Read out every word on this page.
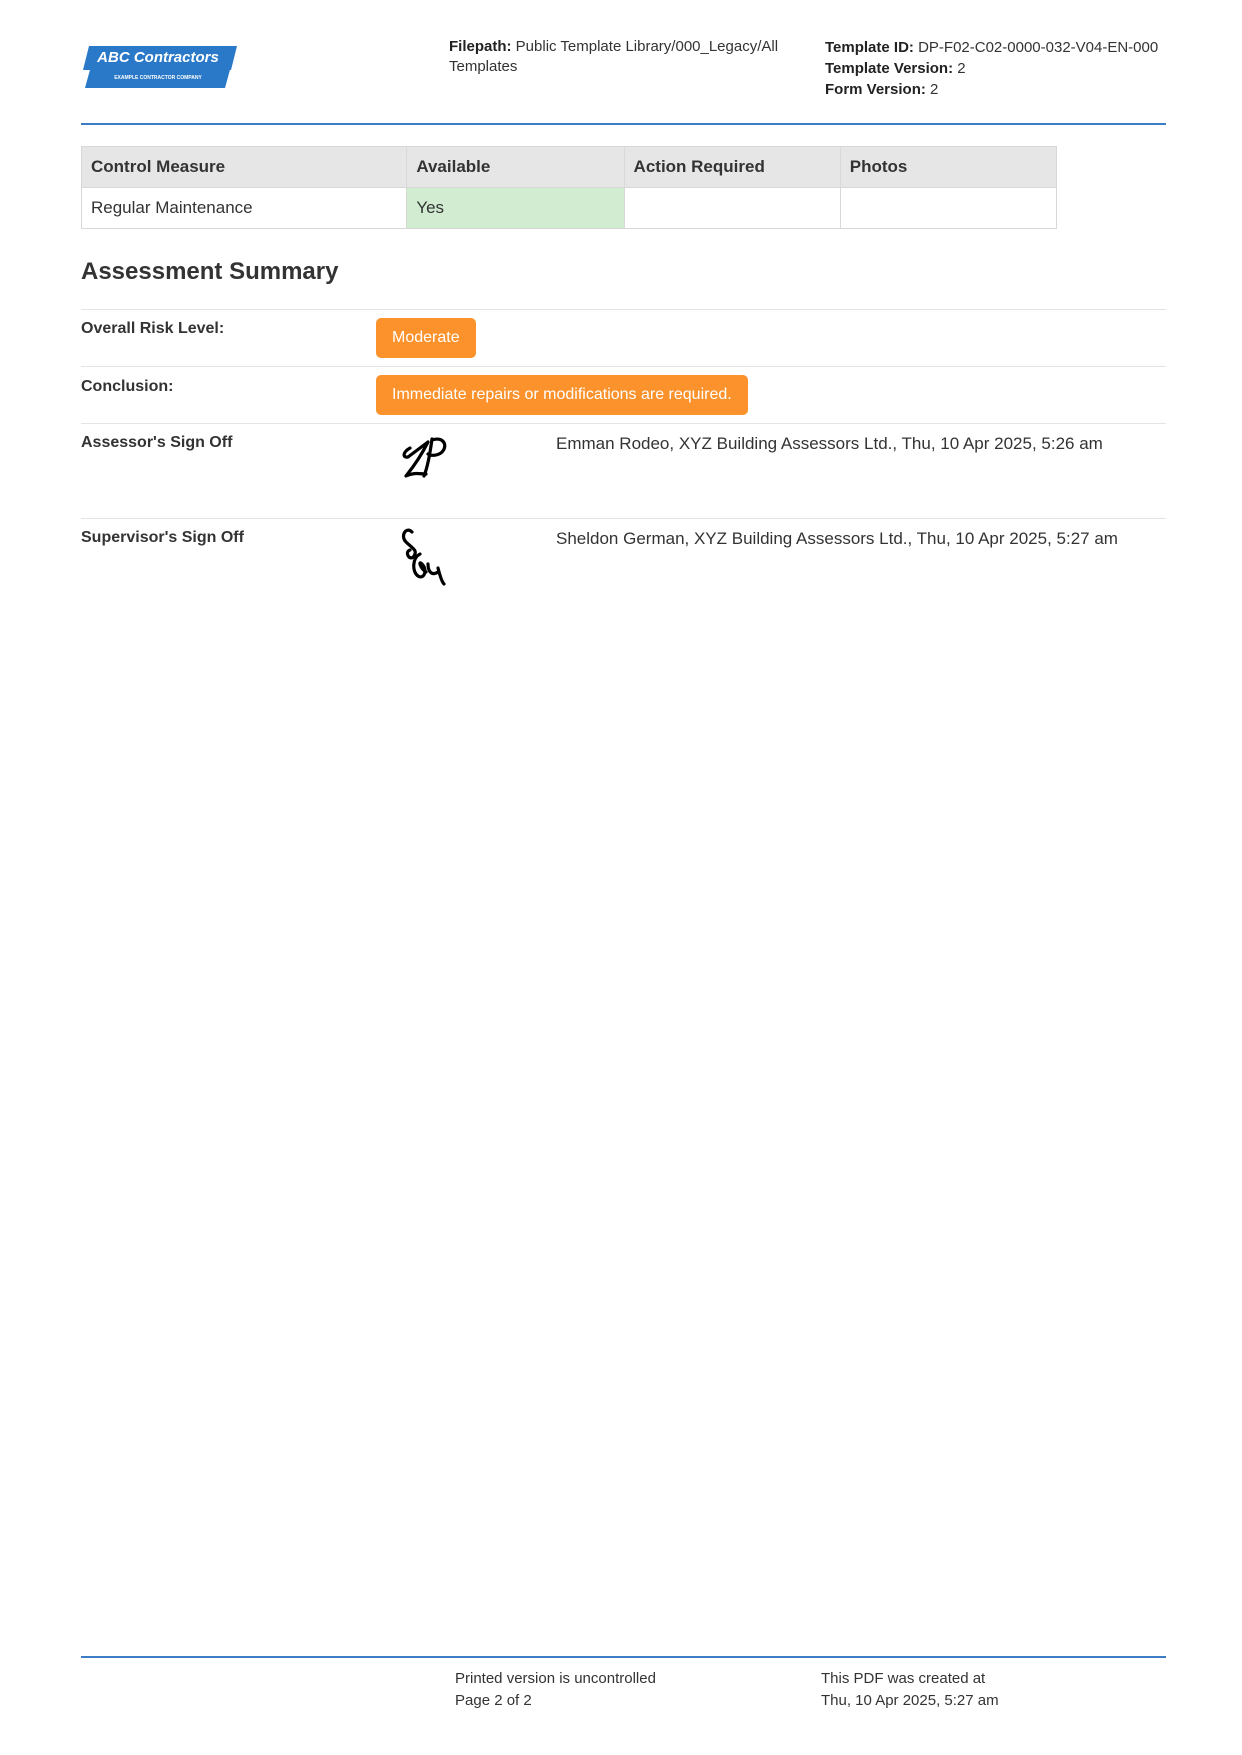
ABC Contractors
EXAMPLE CONTRACTOR COMPANY
Filepath: Public Template Library/000_Legacy/All Templates
Template ID: DP-F02-C02-0000-032-V04-EN-000
Template Version: 2
Form Version: 2
Control Measure	Available	Action Required	Photos
Regular Maintenance	Yes		
Assessment Summary
Overall Risk Level:
Moderate
Conclusion:	Immediate repairs or modifications are required.
Assessor's Sign Off	Emman Rodeo, XYZ Building Assessors Ltd., Thu, 10 Apr 2025, 5:26 am
Supervisor's Sign Off	Sheldon German, XYZ Building Assessors Ltd., Thu, 10 Apr 2025, 5:27 am
Printed version is uncontrolled
Page 2 of 2
This PDF was created at
Thu, 10 Apr 2025, 5:27 am
